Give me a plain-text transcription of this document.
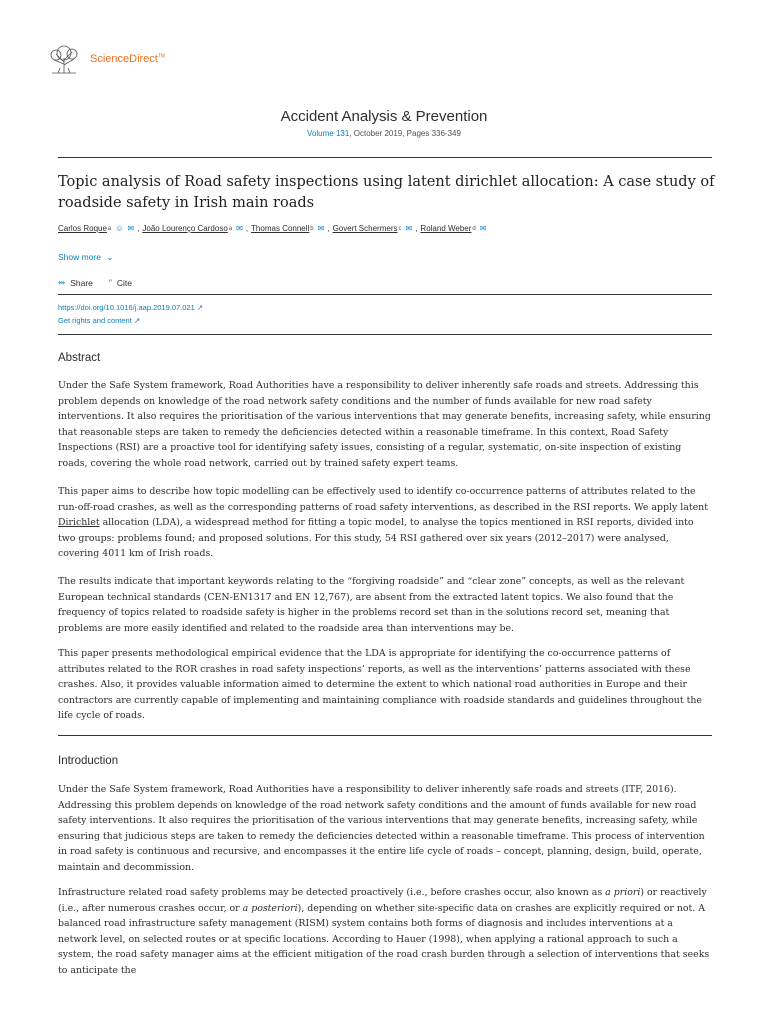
ScienceDirect™
Accident Analysis & Prevention
Volume 131, October 2019, Pages 336-349
Topic analysis of Road safety inspections using latent dirichlet allocation: A case study of roadside safety in Irish main roads
Carlos Roque a ☺ ✉ , João Lourenço Cardoso a ✉ , Thomas Connell b ✉ , Govert Schermers c ✉ , Roland Weber d ✉
Show more ⌄
⥈ Share ” Cite
https://doi.org/10.1016/j.aap.2019.07.021 ↗
Get rights and content ↗
Abstract

Under the Safe System framework, Road Authorities have a responsibility to deliver inherently safe roads and streets. Addressing this problem depends on knowledge of the road network safety conditions and the number of funds available for new road safety interventions. It also requires the prioritisation of the various interventions that may generate benefits, increasing safety, while ensuring that reasonable steps are taken to remedy the deficiencies detected within a reasonable timeframe. In this context, Road Safety Inspections (RSI) are a proactive tool for identifying safety issues, consisting of a regular, systematic, on-site inspection of existing roads, covering the whole road network, carried out by trained safety expert teams.

This paper aims to describe how topic modelling can be effectively used to identify co-occurrence patterns of attributes related to the run-off-road crashes, as well as the corresponding patterns of road safety interventions, as described in the RSI reports. We apply latent Dirichlet allocation (LDA), a widespread method for fitting a topic model, to analyse the topics mentioned in RSI reports, divided into two groups: problems found; and proposed solutions. For this study, 54 RSI gathered over six years (2012–2017) were analysed, covering 4011 km of Irish roads.

The results indicate that important keywords relating to the “forgiving roadside” and “clear zone” concepts, as well as the relevant European technical standards (CEN-EN1317 and EN 12,767), are absent from the extracted latent topics. We also found that the frequency of topics related to roadside safety is higher in the problems record set than in the solutions record set, meaning that problems are more easily identified and related to the roadside area than interventions may be.

This paper presents methodological empirical evidence that the LDA is appropriate for identifying the co-occurrence patterns of attributes related to the ROR crashes in road safety inspections’ reports, as well as the interventions’ patterns associated with these crashes. Also, it provides valuable information aimed to determine the extent to which national road authorities in Europe and their contractors are currently capable of implementing and maintaining compliance with roadside standards and guidelines throughout the life cycle of roads.

Introduction

Under the Safe System framework, Road Authorities have a responsibility to deliver inherently safe roads and streets (ITF, 2016). Addressing this problem depends on knowledge of the road network safety conditions and the amount of funds available for new road safety interventions. It also requires the prioritisation of the various interventions that may generate benefits, increasing safety, while ensuring that judicious steps are taken to remedy the deficiencies detected within a reasonable timeframe. This process of intervention in road safety is continuous and recursive, and encompasses it the entire life cycle of roads – concept, planning, design, build, operate, maintain and decommission.

Infrastructure related road safety problems may be detected proactively (i.e., before crashes occur, also known as a priori) or reactively (i.e., after numerous crashes occur, or a posteriori), depending on whether site-specific data on crashes are explicitly required or not. A balanced road infrastructure safety management (RISM) system contains both forms of diagnosis and includes interventions at a network level, on selected routes or at specific locations. According to Hauer (1998), when applying a rational approach to such a system, the road safety manager aims at the efficient mitigation of the road crash burden through a selection of interventions that seeks to anticipate the
